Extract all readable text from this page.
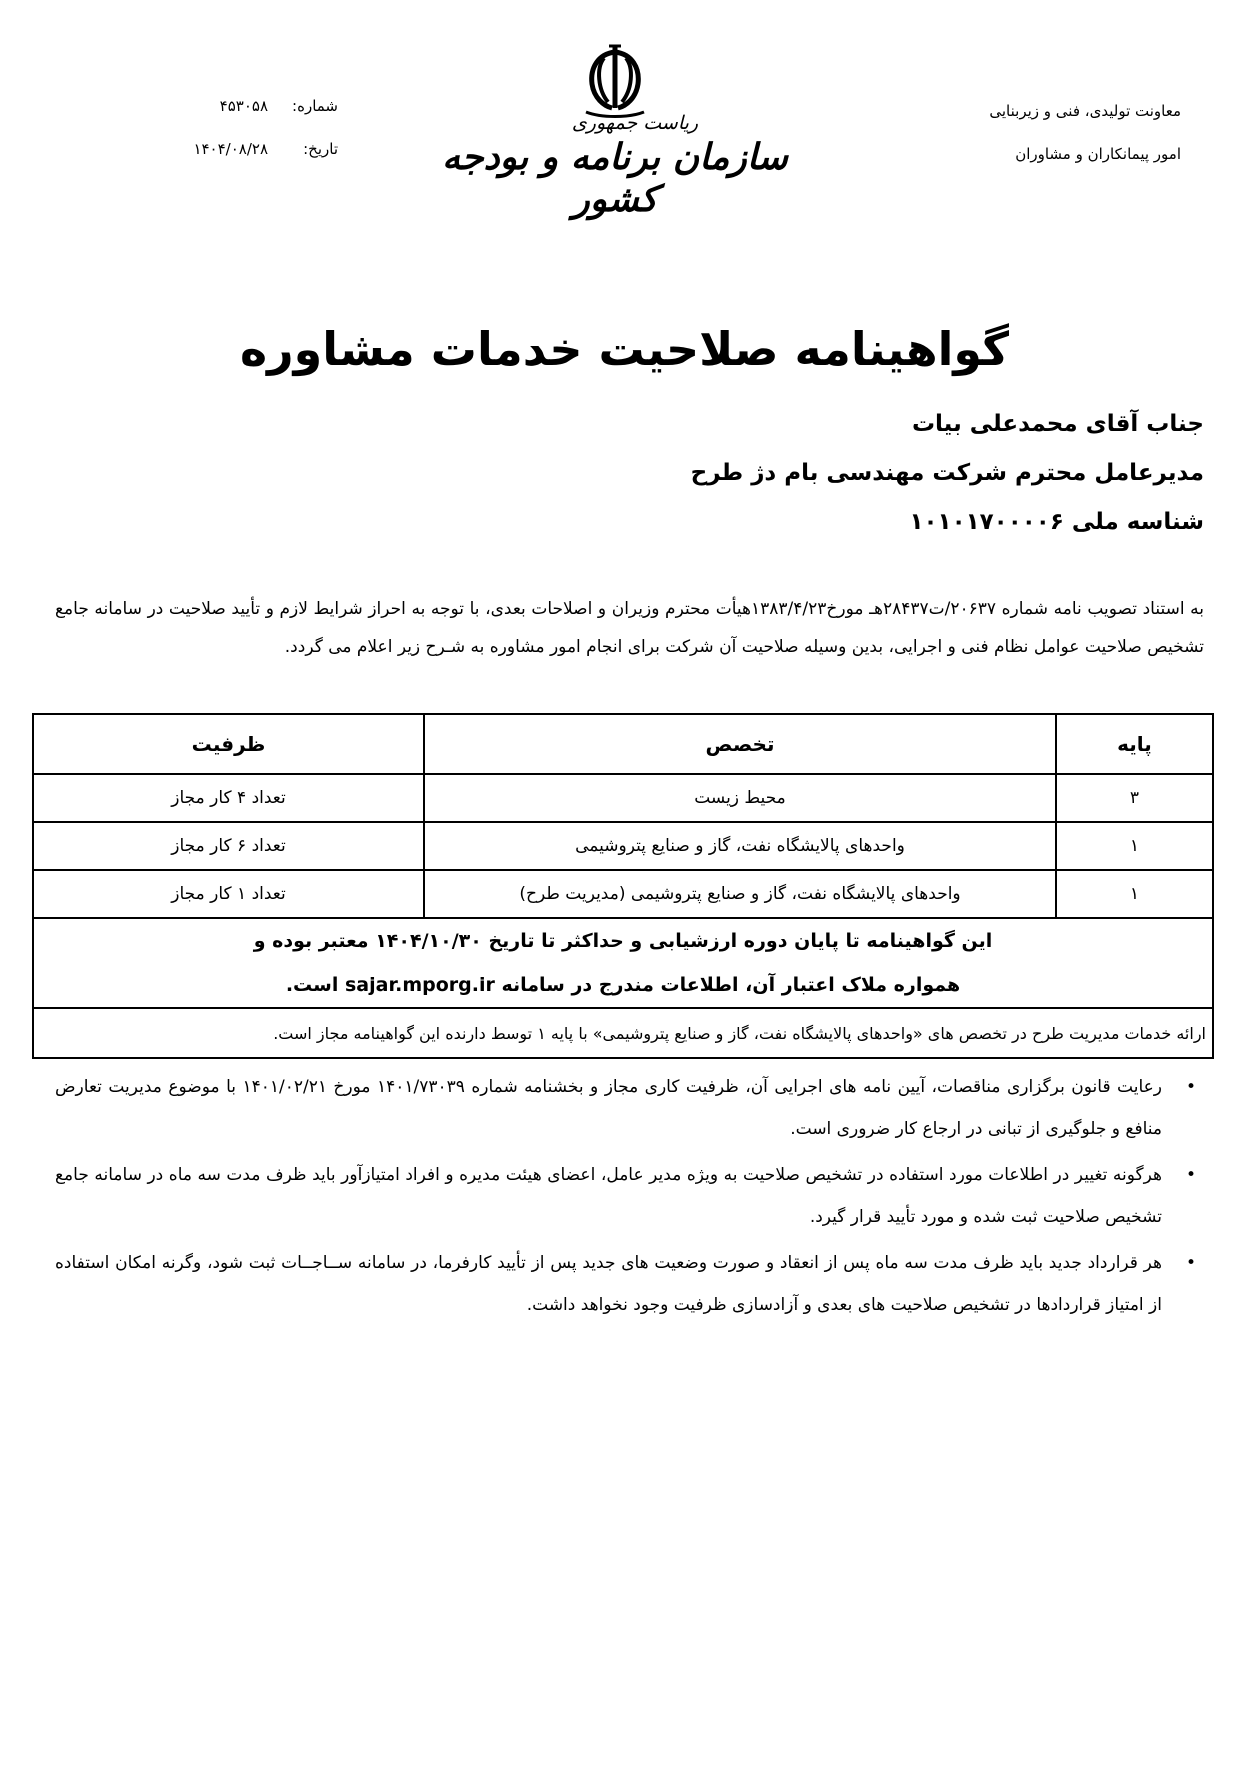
معاونت تولیدی، فنی و زیربنایی
امور پیمانکاران و مشاوران
شماره:
۴۵۳۰۵۸
تاریخ:
۱۴۰۴/۰۸/۲۸
ریاست جمهوری
سازمان برنامه و بودجه کشور
گواهینامه صلاحیت خدمات مشاوره
جناب آقای محمدعلی بیات
مدیرعامل محترم شرکت مهندسی بام دژ طرح
شناسه ملی ۱۰۱۰۱۷۰۰۰۰۶
به استناد تصویب نامه شماره ۲۰۶۳۷/ت۲۸۴۳۷هـ مورخ۱۳۸۳/۴/۲۳هیأت محترم وزیران و اصلاحات بعدی، با توجه به احراز شرایط لازم و تأیید صلاحیت در سامانه جامع تشخیص صلاحیت عوامل نظام فنی و اجرایی، بدین وسیله صلاحیت آن شرکت برای انجام امور مشاوره به شـرح زیر اعلام می گردد.
پایه	تخصص	ظرفیت
۳	محیط زیست	تعداد ۴ کار مجاز
۱	واحدهای پالایشگاه نفت، گاز و صنایع پتروشیمی	تعداد ۶ کار مجاز
۱	واحدهای پالایشگاه نفت، گاز و صنایع پتروشیمی (مدیریت طرح)	تعداد ۱ کار مجاز

این گواهینامه تا پایان دوره ارزشیابی و حداکثر تا تاریخ ۱۴۰۴/۱۰/۳۰ معتبر بوده و
همواره ملاک اعتبار آن، اطلاعات مندرج در سامانه sajar.mporg.ir است.		

ارائه خدمات مدیریت طرح در تخصص های «واحدهای پالایشگاه نفت، گاز و صنایع پتروشیمی» با پایه ۱ توسط دارنده این گواهینامه مجاز است.		
•
رعایت قانون برگزاری مناقصات، آیین نامه های اجرایی آن، ظرفیت کاری مجاز و بخشنامه شماره ۱۴۰۱/۷۳۰۳۹ مورخ ۱۴۰۱/۰۲/۲۱ با موضوع مدیریت تعارض منافع و جلوگیری از تبانی در ارجاع کار ضروری است.
•
هرگونه تغییر در اطلاعات مورد استفاده در تشخیص صلاحیت به ویژه مدیر عامل، اعضای هیئت مدیره و افراد امتیازآور باید ظرف مدت سه ماه در سامانه جامع تشخیص صلاحیت ثبت شده و مورد تأیید قرار گیرد.
•
هر قرارداد جدید باید ظرف مدت سه ماه پس از انعقاد و صورت وضعیت های جدید پس از تأیید کارفرما، در سامانه ســاجــات ثبت شود، وگرنه امکان استفاده از امتیاز قراردادها در تشخیص صلاحیت های بعدی و آزادسازی ظرفیت وجود نخواهد داشت.
